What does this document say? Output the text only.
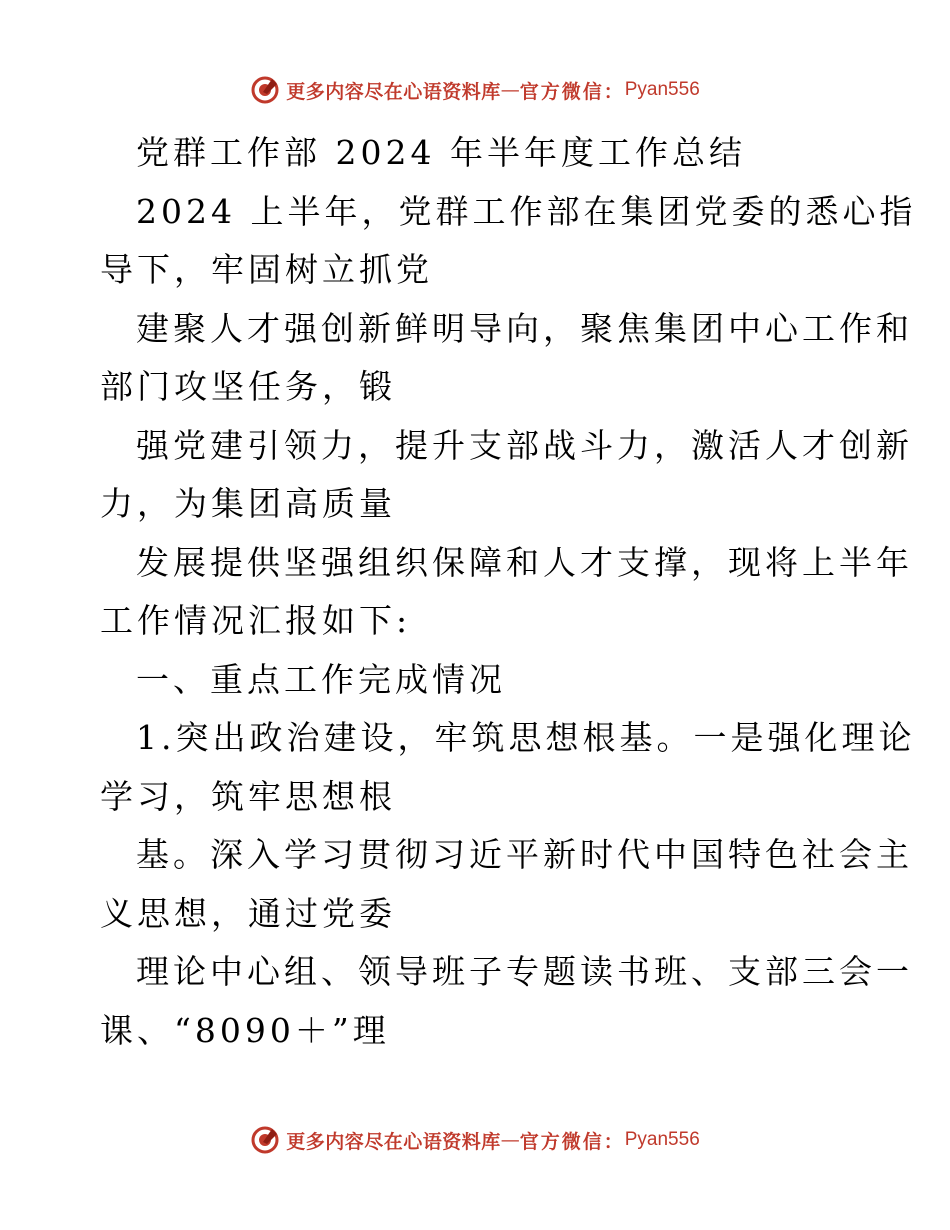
更多内容尽在心语资料库 — 官方微信： Pyan556
党群工作部 2024 年半年度工作总结
2024 上半年，党群工作部在集团党委的悉心指
导下，牢固树立抓党
建聚人才强创新鲜明导向，聚焦集团中心工作和
部门攻坚任务，锻
强党建引领力，提升支部战斗力，激活人才创新
力，为集团高质量
发展提供坚强组织保障和人才支撑，现将上半年
工作情况汇报如下:
一、重点工作完成情况
1.突出政治建设，牢筑思想根基。一是强化理论
学习，筑牢思想根
基。深入学习贯彻习近平新时代中国特色社会主
义思想，通过党委
理论中心组、领导班子专题读书班、支部三会一
课、“8090＋”理
更多内容尽在心语资料库 — 官方微信： Pyan556
